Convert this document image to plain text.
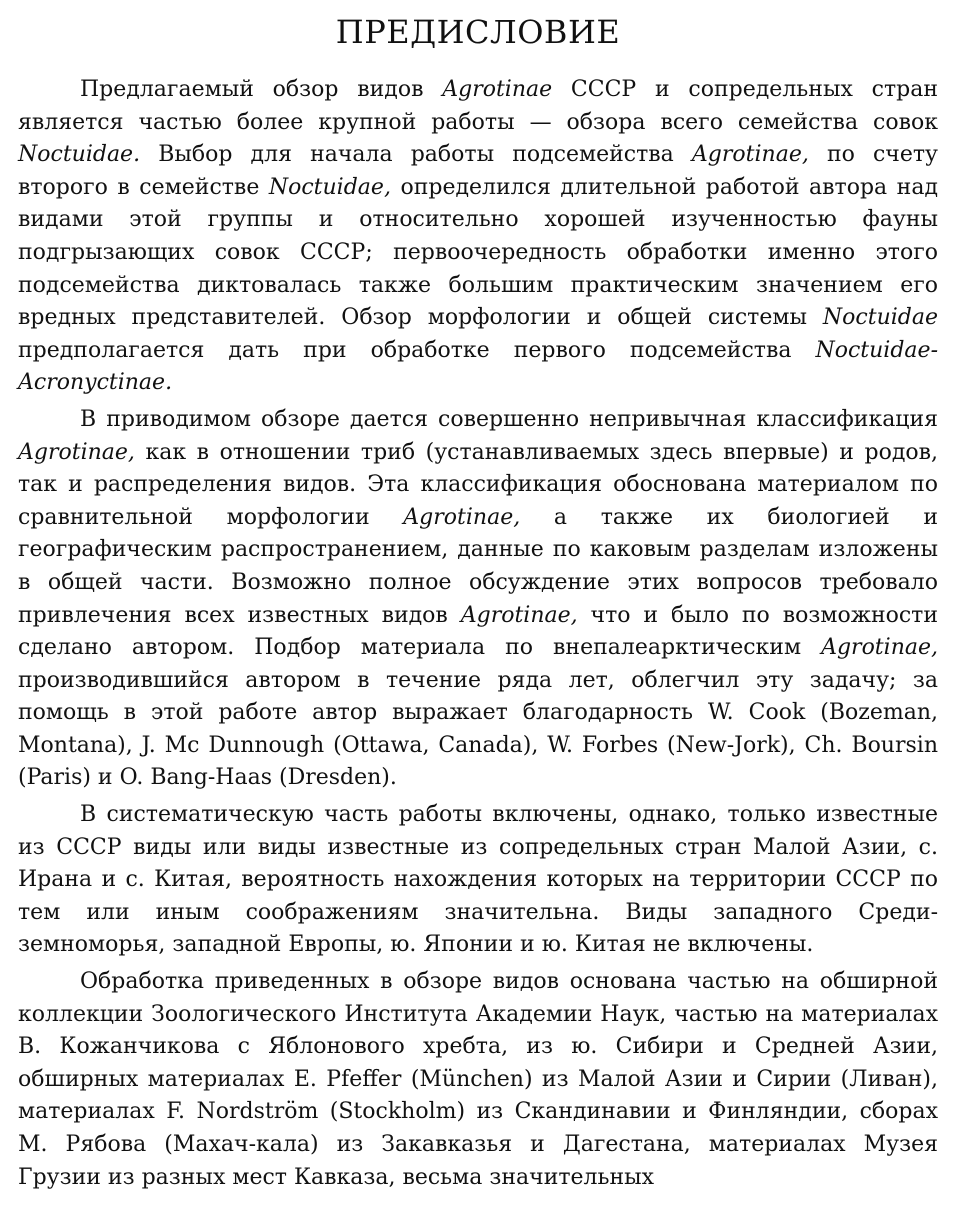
ПРЕДИСЛОВИЕ

Предлагаемый обзор видов Agrotinae СССР и сопредельных стран является частью более крупной работы — обзора всего семейства совок Noctuidae. Выбор для начала работы подсемейства Agrotinae, по счету второго в семействе Noctuidae, определился длительной работой автора над видами этой группы и относительно хорошей изученностью фауны подгрызающих совок СССР; первоочередность обработки именно этого подсемейства диктовалась также большим практическим значением его вредных представителей. Обзор морфологии и общей системы Noctuidae предполагается дать при обработке первого подсемейства Noctuidae-Acronyctinae.

В приводимом обзоре дается совершенно непривычная классификация Agrotinae, как в отношении триб (устанавливаемых здесь впервые) и родов, так и распределения видов. Эта классификация обоснована материалом по сравнительной морфологии Agrotinae, а также их биологией и географическим распространением, данные по каковым разделам изложены в общей части. Возможно полное обсуждение этих вопросов требовало привлечения всех известных видов Agrotinae, что и было по возможности сделано автором. Подбор материала по внепалеарктическим Agrotinae, производившийся автором в течение ряда лет, облегчил эту задачу; за помощь в этой работе автор выражает благодарность W. Cook (Bozeman, Montana), J. Mc Dunnough (Ottawa, Canada), W. Forbes (New-Jork), Ch. Boursin (Paris) и O. Bang-Haas (Dresden).

В систематическую часть работы включены, однако, только известные из СССР виды или виды известные из сопредельных стран Малой Азии, с. Ирана и с. Китая, вероятность нахождения которых на территории СССР по тем или иным соображениям значительна. Виды западного Средиземноморья, западной Европы, ю. Японии и ю. Китая не включены.

Обработка приведенных в обзоре видов основана частью на обширной коллекции Зоологического Института Академии Наук, частью на материалах В. Кожанчикова с Яблонового хребта, из ю. Сибири и Средней Азии, обширных материалах E. Pfeffer (München) из Малой Азии и Сирии (Ливан), материалах F. Nordström (Stockholm) из Скандинавии и Финляндии, сборах М. Рябова (Махач-кала) из Закавказья и Дагестана, материалах Музея Грузии из разных мест Кавказа, весьма значительных
